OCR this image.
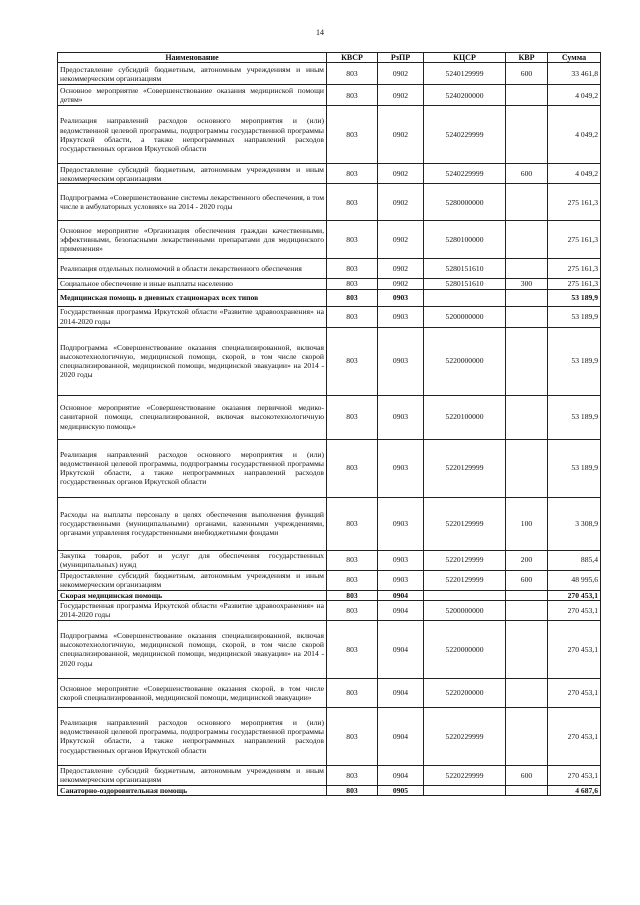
14
Наименование	КВСР	РзПР	КЦСР	КВР	Сумма
Предоставление субсидий бюджетным, автономным учреждениям и иным некоммерческим организациям	803	0902	5240129999	600	33 461,8
Основное мероприятие «Совершенствование оказания медицинской помощи детям»	803	0902	5240200000		4 049,2
Реализация направлений расходов основного мероприятия и (или) ведомственной целевой программы, подпрограммы государственной программы Иркутской области, а также непрограммных направлений расходов государственных органов Иркутской области	803	0902	5240229999		4 049,2
Предоставление субсидий бюджетным, автономным учреждениям и иным некоммерческим организациям	803	0902	5240229999	600	4 049,2
Подпрограмма «Совершенствование системы лекарственного обеспечения, в том числе в амбулаторных условиях» на 2014 - 2020 годы	803	0902	5280000000		275 161,3
Основное мероприятие «Организация обеспечения граждан качественными, эффективными, безопасными лекарственными препаратами для медицинского применения»	803	0902	5280100000		275 161,3
Реализация отдельных полномочий в области лекарственного обеспечения	803	0902	5280151610		275 161,3
Социальное обеспечение и иные выплаты населению	803	0902	5280151610	300	275 161,3
Медицинская помощь в дневных стационарах всех типов	803	0903			53 189,9
Государственная программа Иркутской области «Развитие здравоохранения» на 2014-2020 годы	803	0903	5200000000		53 189,9
Подпрограмма «Совершенствование оказания специализированной, включая высокотехнологичную, медицинской помощи, скорой, в том числе скорой специализированной, медицинской помощи, медицинской эвакуации» на 2014 - 2020 годы	803	0903	5220000000		53 189,9
Основное мероприятие «Совершенствование оказания первичной медико-санитарной помощи, специализированной, включая высокотехнологичную медицинскую помощь»	803	0903	5220100000		53 189,9
Реализация направлений расходов основного мероприятия и (или) ведомственной целевой программы, подпрограммы государственной программы Иркутской области, а также непрограммных направлений расходов государственных органов Иркутской области	803	0903	5220129999		53 189,9
Расходы на выплаты персоналу в целях обеспечения выполнения функций государственными (муниципальными) органами, казенными учреждениями, органами управления государственными внебюджетными фондами	803	0903	5220129999	100	3 308,9
Закупка товаров, работ и услуг для обеспечения государственных (муниципальных) нужд	803	0903	5220129999	200	885,4
Предоставление субсидий бюджетным, автономным учреждениям и иным некоммерческим организациям	803	0903	5220129999	600	48 995,6
Скорая медицинская помощь	803	0904			270 453,1
Государственная программа Иркутской области «Развитие здравоохранения» на 2014-2020 годы	803	0904	5200000000		270 453,1
Подпрограмма «Совершенствование оказания специализированной, включая высокотехнологичную, медицинской помощи, скорой, в том числе скорой специализированной, медицинской помощи, медицинской эвакуации» на 2014 - 2020 годы	803	0904	5220000000		270 453,1
Основное мероприятие «Совершенствование оказания скорой, в том числе скорой специализированной, медицинской помощи, медицинской эвакуации»	803	0904	5220200000		270 453,1
Реализация направлений расходов основного мероприятия и (или) ведомственной целевой программы, подпрограммы государственной программы Иркутской области, а также непрограммных направлений расходов государственных органов Иркутской области	803	0904	5220229999		270 453,1
Предоставление субсидий бюджетным, автономным учреждениям и иным некоммерческим организациям	803	0904	5220229999	600	270 453,1
Санаторно-оздоровительная помощь	803	0905			4 687,6
